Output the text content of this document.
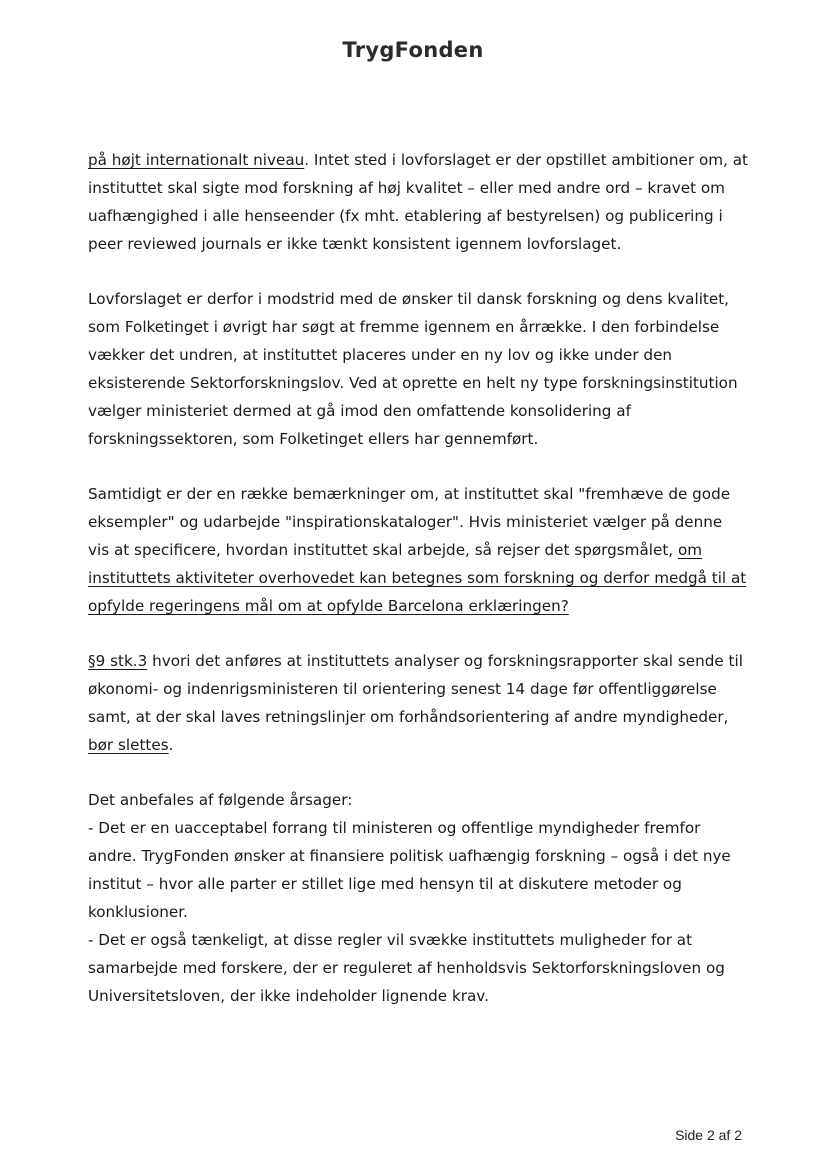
TrygFonden

på højt internationalt niveau. Intet sted i lovforslaget er der opstillet ambitioner om, at instituttet skal sigte mod forskning af høj kvalitet – eller med andre ord – kravet om uafhængighed i alle henseender (fx mht. etablering af bestyrelsen) og publicering i peer reviewed journals er ikke tænkt konsistent igennem lovforslaget.

Lovforslaget er derfor i modstrid med de ønsker til dansk forskning og dens kvalitet, som Folketinget i øvrigt har søgt at fremme igennem en årrække. I den forbindelse vækker det undren, at instituttet placeres under en ny lov og ikke under den eksisterende Sektorforskningslov. Ved at oprette en helt ny type forskningsinstitution vælger ministeriet dermed at gå imod den omfattende konsolidering af forskningssektoren, som Folketinget ellers har gennemført.

Samtidigt er der en række bemærkninger om, at instituttet skal "fremhæve de gode eksempler" og udarbejde "inspirationskataloger". Hvis ministeriet vælger på denne vis at specificere, hvordan instituttet skal arbejde, så rejser det spørgsmålet, om instituttets aktiviteter overhovedet kan betegnes som forskning og derfor medgå til at opfylde regeringens mål om at opfylde Barcelona erklæringen?

§9 stk.3 hvori det anføres at instituttets analyser og forskningsrapporter skal sende til økonomi- og indenrigsministeren til orientering senest 14 dage før offentliggørelse samt, at der skal laves retningslinjer om forhåndsorientering af andre myndigheder, bør slettes.

Det anbefales af følgende årsager:
- Det er en uacceptabel forrang til ministeren og offentlige myndigheder fremfor andre. TrygFonden ønsker at finansiere politisk uafhængig forskning – også i det nye institut – hvor alle parter er stillet lige med hensyn til at diskutere metoder og konklusioner.
- Det er også tænkeligt, at disse regler vil svække instituttets muligheder for at samarbejde med forskere, der er reguleret af henholdsvis Sektorforskningsloven og Universitetsloven, der ikke indeholder lignende krav.

Side 2 af 2
